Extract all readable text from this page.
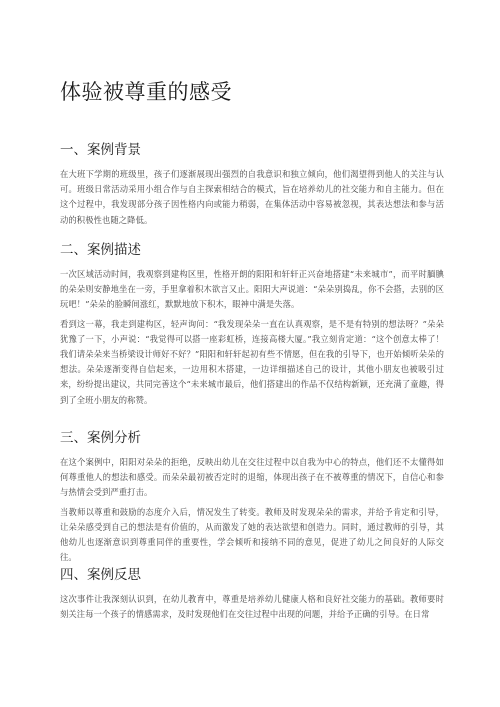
体验被尊重的感受
一、案例背景

在大班下学期的班级里，孩子们逐渐展现出强烈的自我意识和独立倾向，他们渴望得到他人的关注与认可。班级日常活动采用小组合作与自主探索相结合的模式，旨在培养幼儿的社交能力和自主能力。但在这个过程中，我发现部分孩子因性格内向或能力稍弱，在集体活动中容易被忽视，其表达想法和参与活动的积极性也随之降低。

二、案例描述

一次区域活动时间，我观察到建构区里，性格开朗的阳阳和轩轩正兴奋地搭建“未来城市”，而平时腼腆的朵朵则安静地坐在一旁，手里拿着积木欲言又止。阳阳大声说道：“朵朵别捣乱，你不会搭，去别的区玩吧！”朵朵的脸瞬间涨红，默默地放下积木，眼神中满是失落。

看到这一幕，我走到建构区，轻声询问：“我发现朵朵一直在认真观察，是不是有特别的想法呀？”朵朵犹豫了一下，小声说：“我觉得可以搭一座彩虹桥，连接高楼大厦。”我立刻肯定道：“这个创意太棒了！我们请朵朵来当桥梁设计师好不好？”阳阳和轩轩起初有些不情愿，但在我的引导下，也开始倾听朵朵的想法。朵朵逐渐变得自信起来，一边用积木搭建，一边详细描述自己的设计，其他小朋友也被吸引过来，纷纷提出建议，共同完善这个“未来城市最后，他们搭建出的作品不仅结构新颖，还充满了童趣，得到了全班小朋友的称赞。

三、案例分析

在这个案例中，阳阳对朵朵的拒绝，反映出幼儿在交往过程中以自我为中心的特点，他们还不太懂得如何尊重他人的想法和感受。而朵朵最初被否定时的退缩，体现出孩子在不被尊重的情况下，自信心和参与热情会受到严重打击。

当教师以尊重和鼓励的态度介入后，情况发生了转变。教师及时发现朵朵的需求，并给予肯定和引导，让朵朵感受到自己的想法是有价值的，从而激发了她的表达欲望和创造力。同时，通过教师的引导，其他幼儿也逐渐意识到尊重同伴的重要性，学会倾听和接纳不同的意见，促进了幼儿之间良好的人际交往。

四、案例反思

这次事件让我深刻认识到，在幼儿教育中，尊重是培养幼儿健康人格和良好社交能力的基础。教师要时刻关注每一个孩子的情感需求，及时发现他们在交往过程中出现的问题，并给予正确的引导。在日常
